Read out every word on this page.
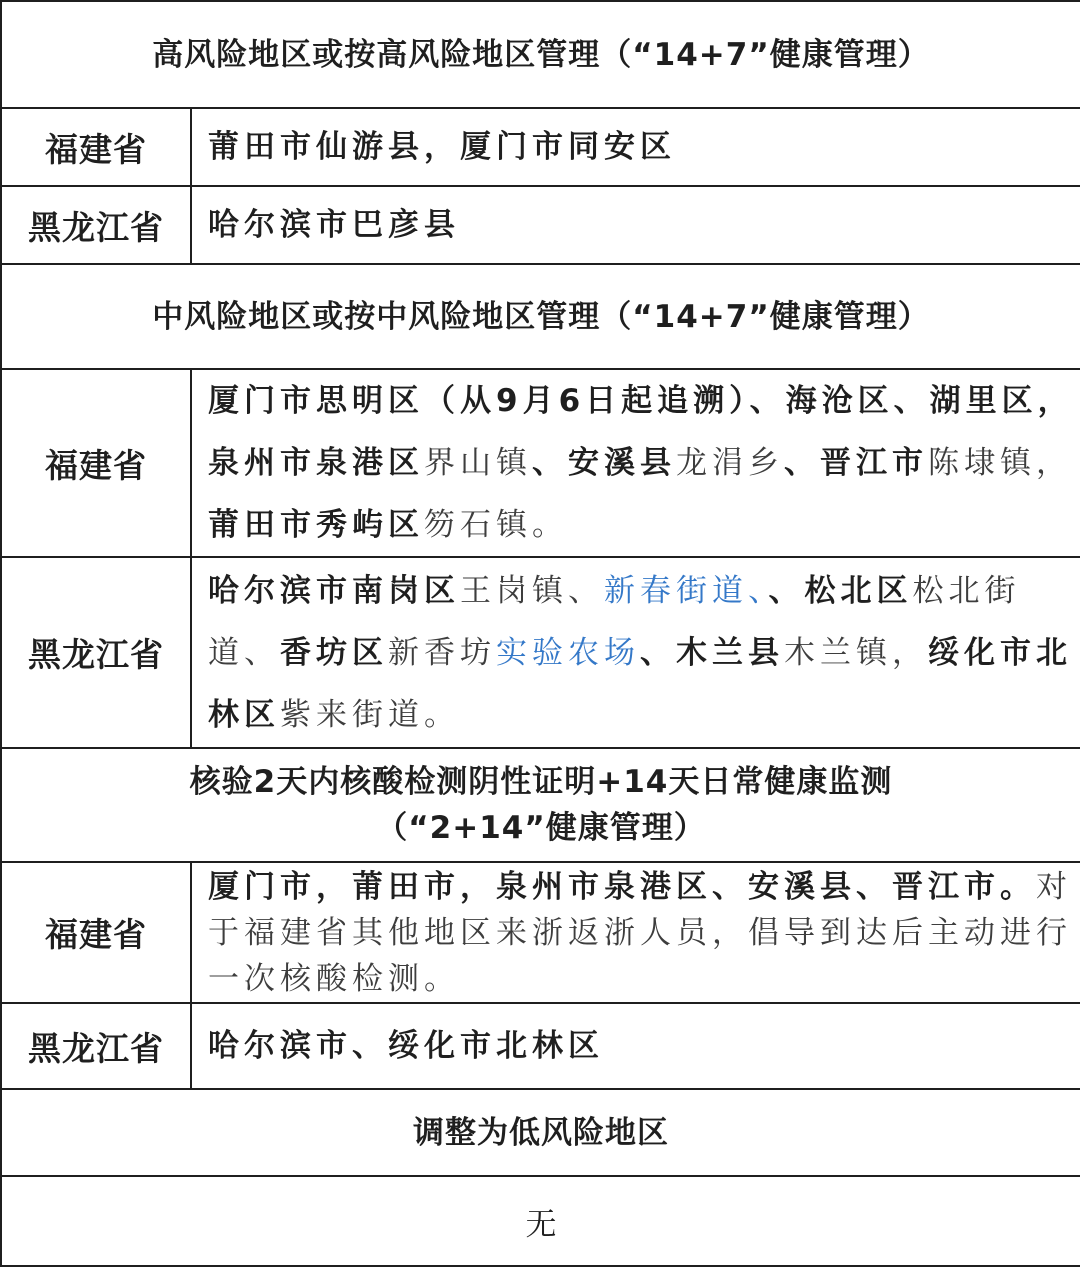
高风险地区或按高风险地区管理（“14+7”健康管理）	

福建省	莆田市仙游县，厦门市同安区
黑龙江省	哈尔滨市巴彦县

中风险地区或按中风险地区管理（“14+7”健康管理）	

福建省	厦门市思明区（从9月6日起追溯）、海沧区、湖里区，泉州市泉港区界山镇、安溪县龙涓乡、晋江市陈埭镇，莆田市秀屿区笏石镇。
黑龙江省	哈尔滨市南岗区王岗镇、新春街道、、松北区松北街道、香坊区新香坊实验农场、木兰县木兰镇，绥化市北林区紫来街道。

核验2天内核酸检测阴性证明+14天日常健康监测
（“2+14”健康管理）	

福建省	厦门市，莆田市，泉州市泉港区、安溪县、晋江市。对于福建省其他地区来浙返浙人员，倡导到达后主动进行一次核酸检测。
黑龙江省	哈尔滨市、绥化市北林区

调整为低风险地区	

无	
